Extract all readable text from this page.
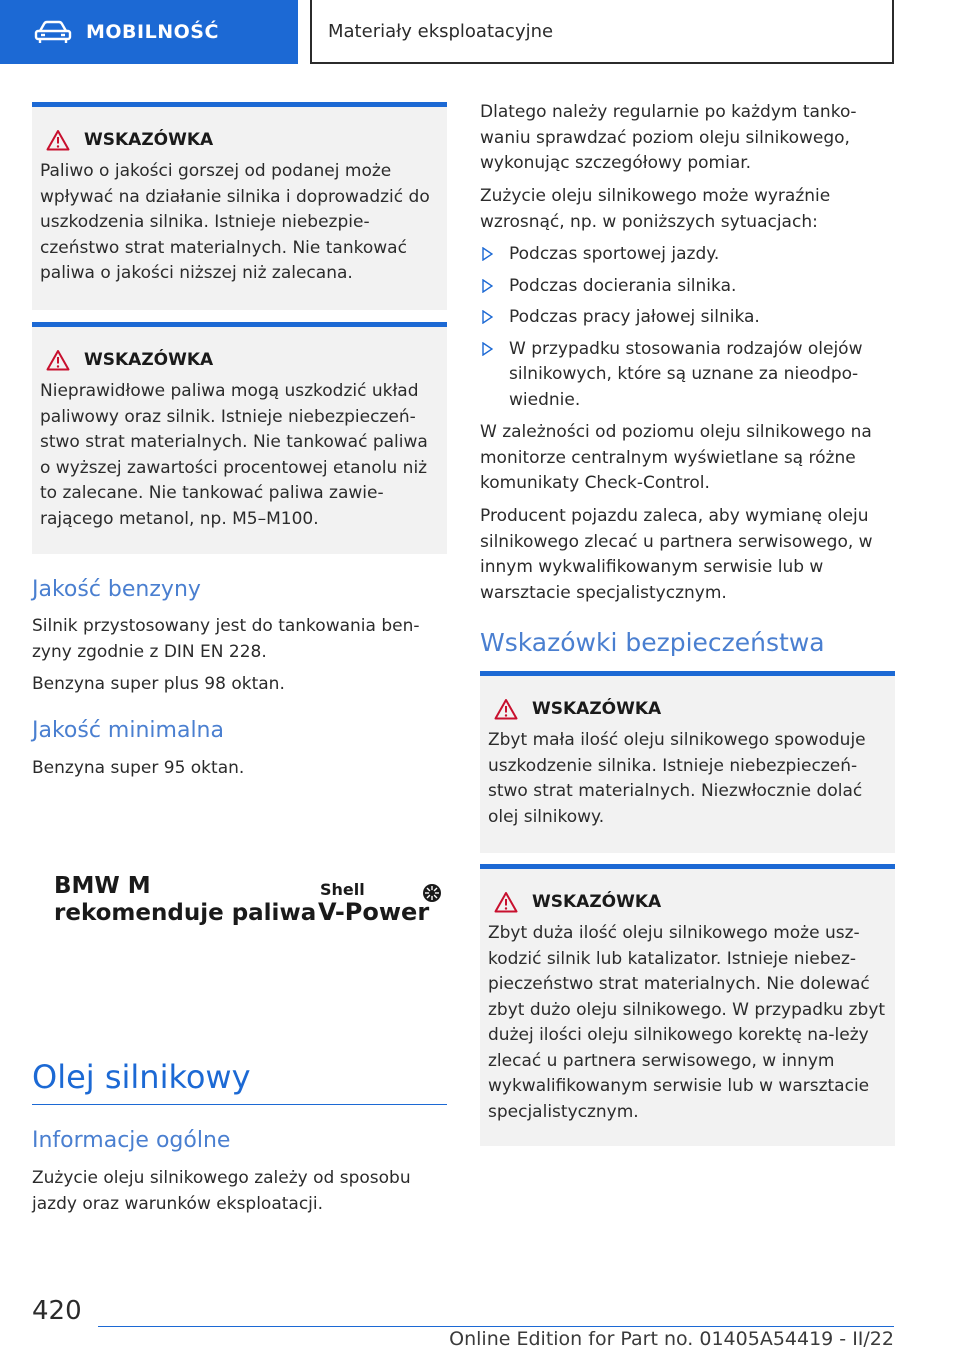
MOBILNOŚĆ	Materiały eksploatacyjne
WSKAZÓWKA
Paliwo o jakości gorszej od podanej może wpływać na działanie silnika i doprowadzić do uszkodzenia silnika. Istnieje niebezpie‐czeństwo strat materialnych. Nie tankować paliwa o jakości niższej niż zalecana.
WSKAZÓWKA
Nieprawidłowe paliwa mogą uszkodzić układ paliwowy oraz silnik. Istnieje niebezpieczeń‐stwo strat materialnych. Nie tankować paliwa o wyższej zawartości procentowej etanolu niż to zalecane. Nie tankować paliwa zawie‐rającego metanol, np. M5–M100.
Jakość benzyny

Silnik przystosowany jest do tankowania ben‐zyny zgodnie z DIN EN 228.

Benzyna super plus 98 oktan.

Jakość minimalna

Benzyna super 95 oktan.

BMW M
rekomenduje paliwa
Shell
V-Power
Olej silnikowy
Informacje ogólne

Zużycie oleju silnikowego zależy od sposobu jazdy oraz warunków eksploatacji.

Dlatego należy regularnie po każdym tanko‐waniu sprawdzać poziom oleju silnikowego, wykonując szczegółowy pomiar.

Zużycie oleju silnikowego może wyraźnie wzrosnąć, np. w poniższych sytuacjach:

Podczas sportowej jazdy.
Podczas docierania silnika.
Podczas pracy jałowej silnika.
W przypadku stosowania rodzajów olejów silnikowych, które są uznane za nieodpo‐wiednie.

W zależności od poziomu oleju silnikowego na monitorze centralnym wyświetlane są różne komunikaty Check-Control.

Producent pojazdu zaleca, aby wymianę oleju silnikowego zlecać u partnera serwisowego, w innym wykwalifikowanym serwisie lub w warsztacie specjalistycznym.

Wskazówki bezpieczeństwa
WSKAZÓWKA
Zbyt mała ilość oleju silnikowego spowoduje uszkodzenie silnika. Istnieje niebezpieczeń‐stwo strat materialnych. Niezwłocznie dolać olej silnikowy.
WSKAZÓWKA
Zbyt duża ilość oleju silnikowego może usz‐kodzić silnik lub katalizator. Istnieje niebez‐pieczeństwo strat materialnych. Nie dolewać zbyt dużo oleju silnikowego. W przypadku zbyt dużej ilości oleju silnikowego korektę na‐leży zlecać u partnera serwisowego, w innym wykwalifikowanym serwisie lub w warsztacie specjalistycznym.
420
Online Edition for Part no. 01405A54419 - II/22
